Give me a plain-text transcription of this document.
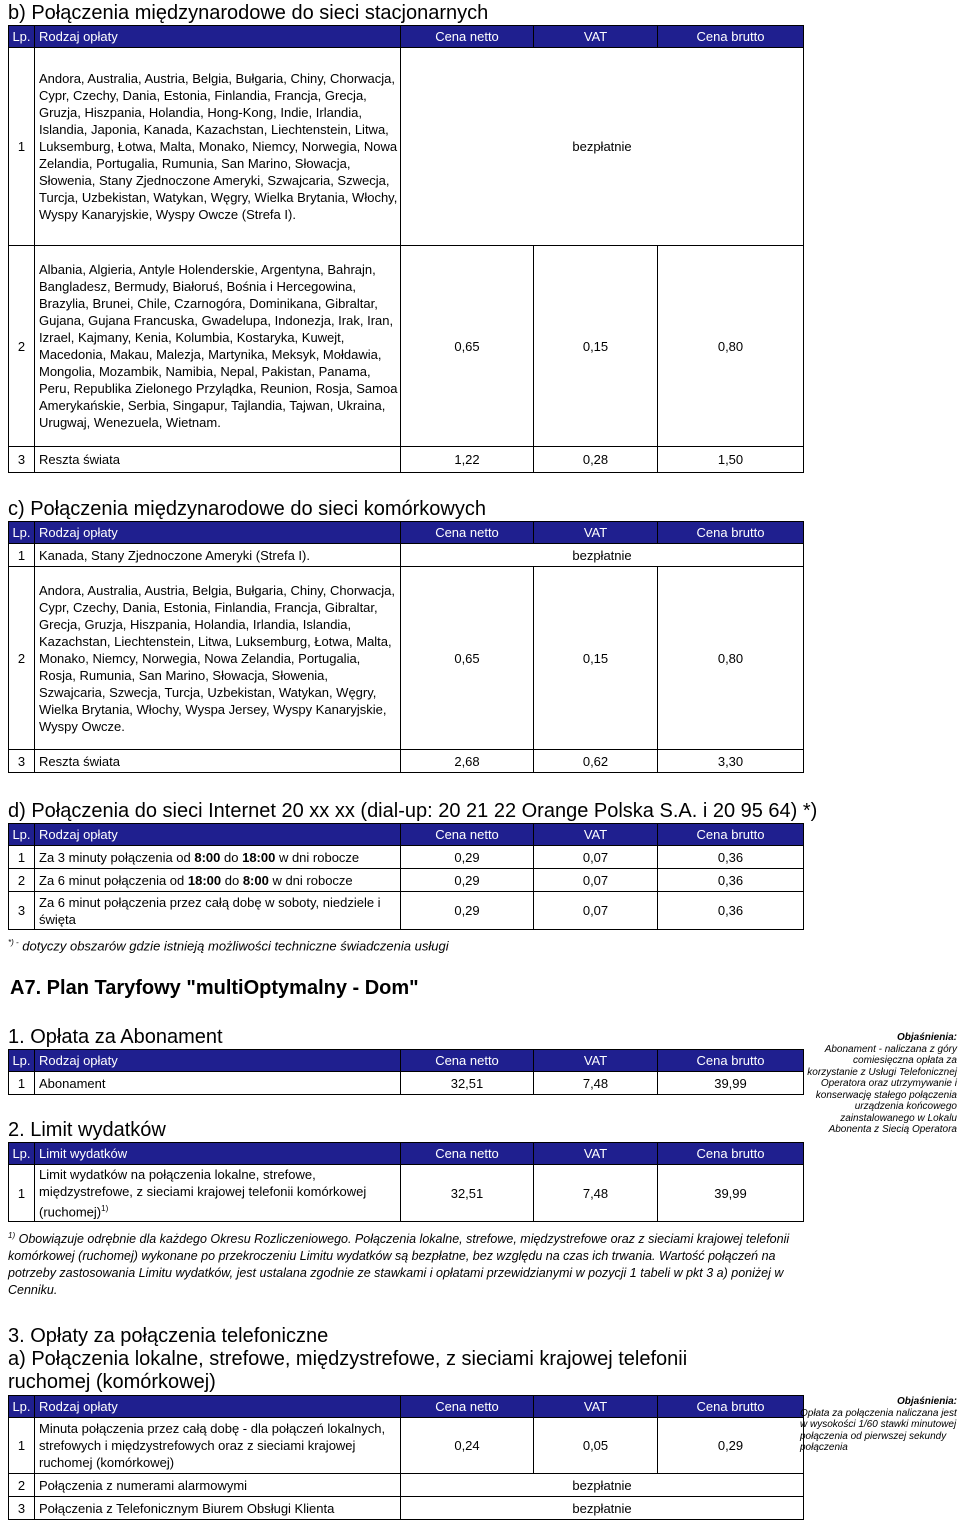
b) Połączenia międzynarodowe do sieci stacjonarnych
Lp.	Rodzaj opłaty	Cena netto	VAT	Cena brutto
1	Andora, Australia, Austria, Belgia, Bułgaria, Chiny, Chorwacja, Cypr, Czechy, Dania, Estonia, Finlandia, Francja, Grecja, Gruzja, Hiszpania, Holandia, Hong-Kong, Indie, Irlandia, Islandia, Japonia, Kanada, Kazachstan, Liechtenstein, Litwa, Luksemburg, Łotwa, Malta, Monako, Niemcy, Norwegia, Nowa Zelandia, Portugalia, Rumunia, San Marino, Słowacja, Słowenia, Stany Zjednoczone Ameryki, Szwajcaria, Szwecja, Turcja, Uzbekistan, Watykan, Węgry, Wielka Brytania, Włochy, Wyspy Kanaryjskie, Wyspy Owcze (Strefa I).	bezpłatnie		
2	Albania, Algieria, Antyle Holenderskie, Argentyna, Bahrajn, Bangladesz, Bermudy, Białoruś, Bośnia i Hercegowina, Brazylia, Brunei, Chile, Czarnogóra, Dominikana, Gibraltar, Gujana, Gujana Francuska, Gwadelupa, Indonezja, Irak, Iran, Izrael, Kajmany, Kenia, Kolumbia, Kostaryka, Kuwejt, Macedonia, Makau, Malezja, Martynika, Meksyk, Mołdawia, Mongolia, Mozambik, Namibia, Nepal, Pakistan, Panama, Peru, Republika Zielonego Przylądka, Reunion, Rosja, Samoa Amerykańskie, Serbia, Singapur, Tajlandia, Tajwan, Ukraina, Urugwaj, Wenezuela, Wietnam.	0,65	0,15	0,80
3	Reszta świata	1,22	0,28	1,50
c) Połączenia międzynarodowe do sieci komórkowych
Lp.	Rodzaj opłaty	Cena netto	VAT	Cena brutto
1	Kanada, Stany Zjednoczone Ameryki (Strefa I).	bezpłatnie		
2	Andora, Australia, Austria, Belgia, Bułgaria, Chiny, Chorwacja, Cypr, Czechy, Dania, Estonia, Finlandia, Francja, Gibraltar, Grecja, Gruzja, Hiszpania, Holandia, Irlandia, Islandia, Kazachstan, Liechtenstein, Litwa, Luksemburg, Łotwa, Malta, Monako, Niemcy, Norwegia, Nowa Zelandia, Portugalia, Rosja, Rumunia, San Marino, Słowacja, Słowenia, Szwajcaria, Szwecja, Turcja, Uzbekistan, Watykan, Węgry, Wielka Brytania, Włochy, Wyspa Jersey, Wyspy Kanaryjskie, Wyspy Owcze.	0,65	0,15	0,80
3	Reszta świata	2,68	0,62	3,30
d) Połączenia do sieci Internet 20 xx xx (dial-up: 20 21 22 Orange Polska S.A. i 20 95 64) *)
Lp.	Rodzaj opłaty	Cena netto	VAT	Cena brutto
1	Za 3 minuty połączenia od 8:00 do 18:00 w dni robocze	0,29	0,07	0,36
2	Za 6 minut połączenia od 18:00 do 8:00 w dni robocze	0,29	0,07	0,36
3	Za 6 minut połączenia przez całą dobę w soboty, niedziele i święta	0,29	0,07	0,36
*) - dotyczy obszarów gdzie istnieją możliwości techniczne świadczenia usługi
A7. Plan Taryfowy "multiOptymalny - Dom"
1. Opłata za Abonament
Lp.	Rodzaj opłaty	Cena netto	VAT	Cena brutto
1	Abonament	32,51	7,48	39,99
Objaśnienia:
Abonament - naliczana z góry comiesięczna opłata za korzystanie z Usługi Telefonicznej Operatora oraz utrzymywanie i konserwację stałego połączenia urządzenia końcowego zainstalowanego w Lokalu Abonenta z Siecią Operatora
2. Limit wydatków
Lp.	Limit wydatków	Cena netto	VAT	Cena brutto
1	Limit wydatków na połączenia lokalne, strefowe, międzystrefowe, z sieciami krajowej telefonii komórkowej (ruchomej)$^{1)}$	32,51	7,48	39,99
$^{1)}$ Obowiązuje odrębnie dla każdego Okresu Rozliczeniowego. Połączenia lokalne, strefowe, międzystrefowe oraz z sieciami krajowej telefonii komórkowej (ruchomej) wykonane po przekroczeniu Limitu wydatków są bezpłatne, bez względu na czas ich trwania. Wartość połączeń na potrzeby zastosowania Limitu wydatków, jest ustalana zgodnie ze stawkami i opłatami przewidzianymi w pozycji 1 tabeli w pkt 3 a) poniżej w Cenniku.
3. Opłaty za połączenia telefoniczne
a) Połączenia lokalne, strefowe, międzystrefowe, z sieciami krajowej telefonii ruchomej (komórkowej)
Lp.	Rodzaj opłaty	Cena netto	VAT	Cena brutto
1	Minuta połączenia przez całą dobę - dla połączeń lokalnych, strefowych i międzystrefowych oraz z sieciami krajowej ruchomej (komórkowej)	0,24	0,05	0,29
2	Połączenia z numerami alarmowymi	bezpłatnie		
3	Połączenia z Telefonicznym Biurem Obsługi Klienta	bezpłatnie		
Objaśnienia:
Opłata za połączenia naliczana jest w wysokości 1/60 stawki minutowej połączenia od pierwszej sekundy połączenia
